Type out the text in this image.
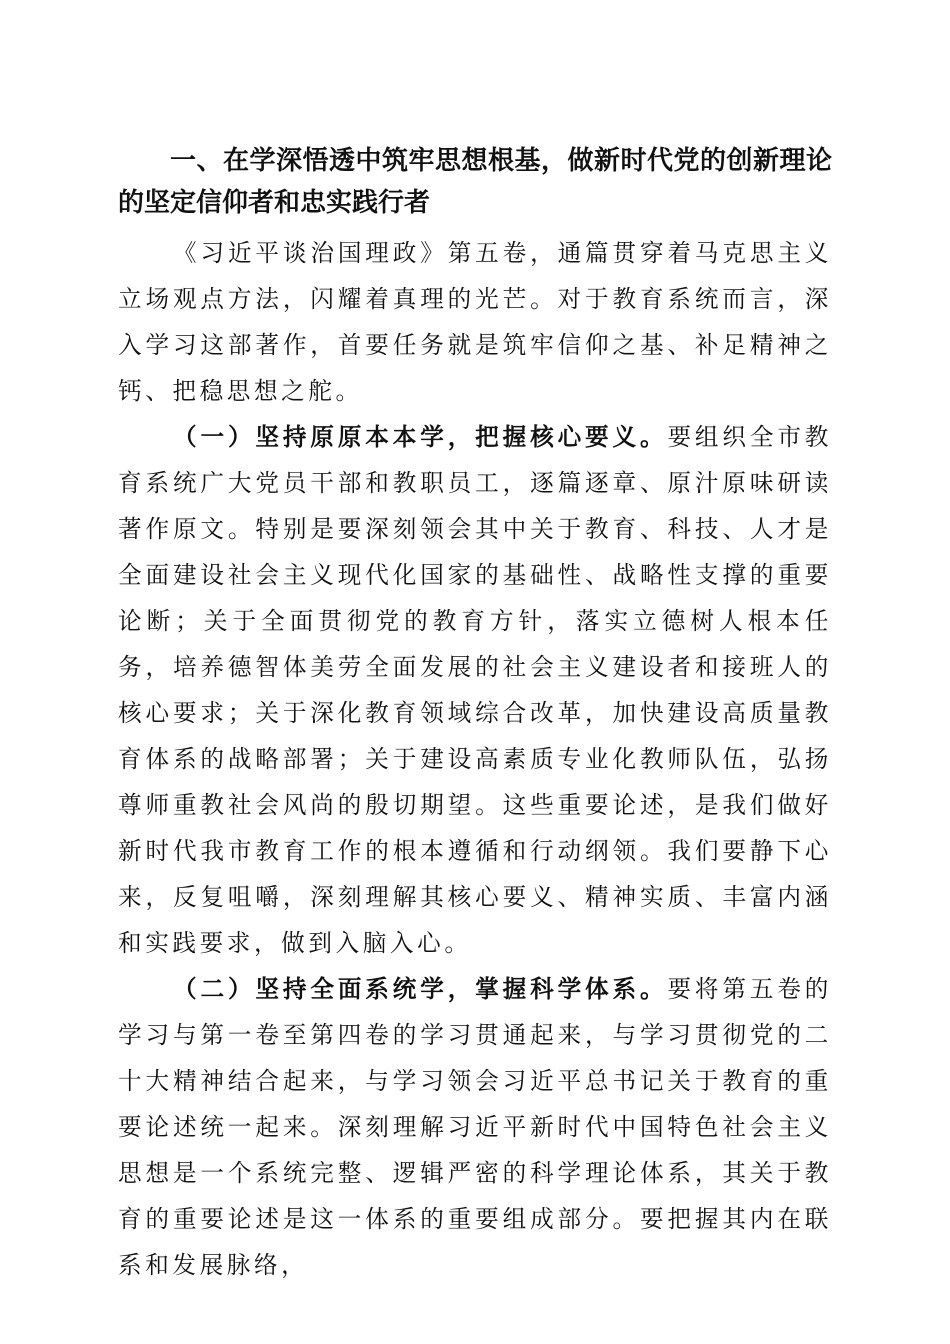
一、在学深悟透中筑牢思想根基，做新时代党的创新理论的坚定信仰者和忠实践行者

《习近平谈治国理政》第五卷，通篇贯穿着马克思主义立场观点方法，闪耀着真理的光芒。对于教育系统而言，深入学习这部著作，首要任务就是筑牢信仰之基、补足精神之钙、把稳思想之舵。

（一）坚持原原本本学，把握核心要义。要组织全市教育系统广大党员干部和教职员工，逐篇逐章、原汁原味研读著作原文。特别是要深刻领会其中关于教育、科技、人才是全面建设社会主义现代化国家的基础性、战略性支撑的重要论断；关于全面贯彻党的教育方针，落实立德树人根本任务，培养德智体美劳全面发展的社会主义建设者和接班人的核心要求；关于深化教育领域综合改革，加快建设高质量教育体系的战略部署；关于建设高素质专业化教师队伍，弘扬尊师重教社会风尚的殷切期望。这些重要论述，是我们做好新时代我市教育工作的根本遵循和行动纲领。我们要静下心来，反复咀嚼，深刻理解其核心要义、精神实质、丰富内涵和实践要求，做到入脑入心。

（二）坚持全面系统学，掌握科学体系。要将第五卷的学习与第一卷至第四卷的学习贯通起来，与学习贯彻党的二十大精神结合起来，与学习领会习近平总书记关于教育的重要论述统一起来。深刻理解习近平新时代中国特色社会主义思想是一个系统完整、逻辑严密的科学理论体系，其关于教育的重要论述是这一体系的重要组成部分。要把握其内在联系和发展脉络，
